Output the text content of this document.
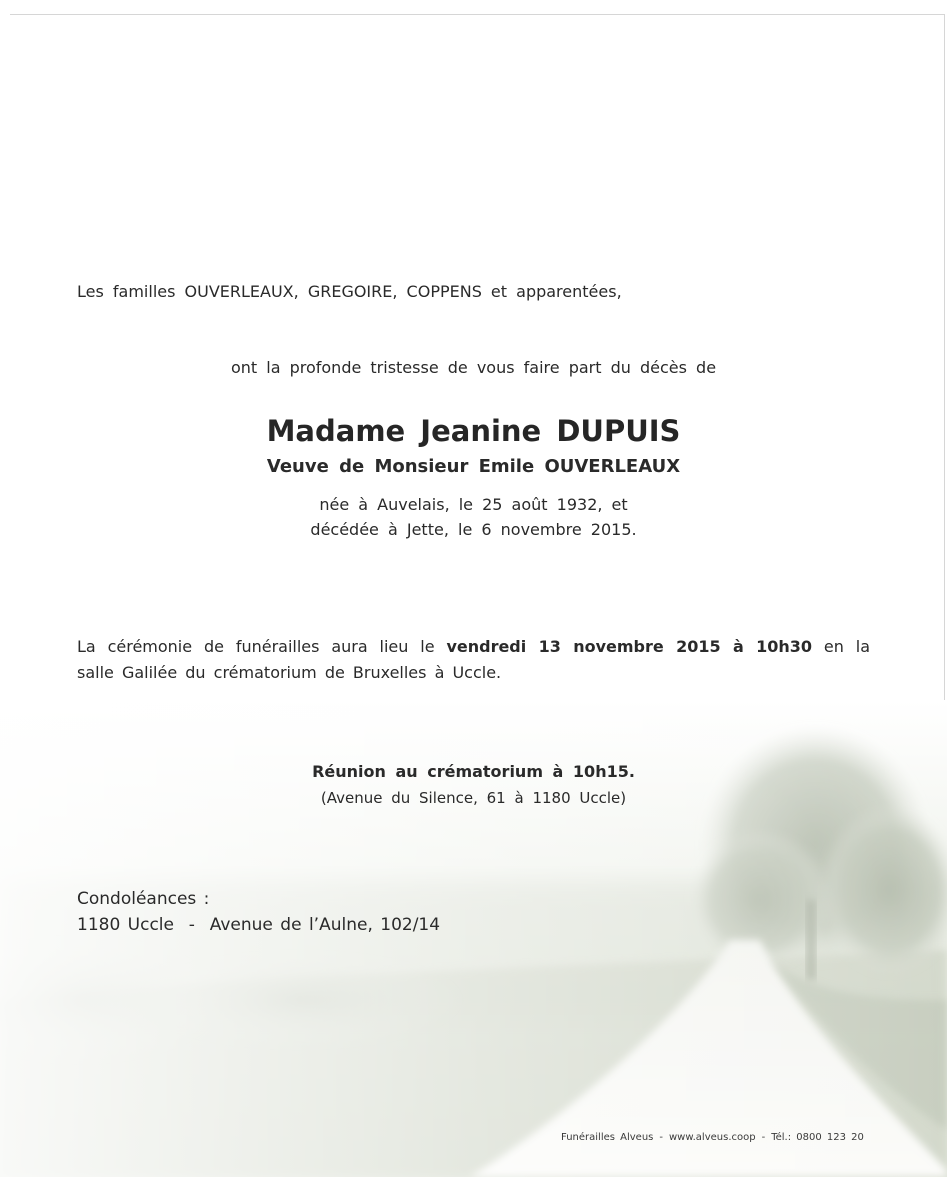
Les familles OUVERLEAUX, GREGOIRE, COPPENS et apparentées,
ont la profonde tristesse de vous faire part du décès de
Madame Jeanine DUPUIS
Veuve de Monsieur Emile OUVERLEAUX
née à Auvelais, le 25 août 1932, et
décédée à Jette, le 6 novembre 2015.
La cérémonie de funérailles aura lieu le vendredi 13 novembre 2015 à 10h30 en la
salle Galilée du crématorium de Bruxelles à Uccle.
Réunion au crématorium à 10h15.
(Avenue du Silence, 61 à 1180 Uccle)
Condoléances :
1180 Uccle  -  Avenue de l’Aulne, 102/14
Funérailles Alveus - www.alveus.coop - Tél.: 0800 123 20
